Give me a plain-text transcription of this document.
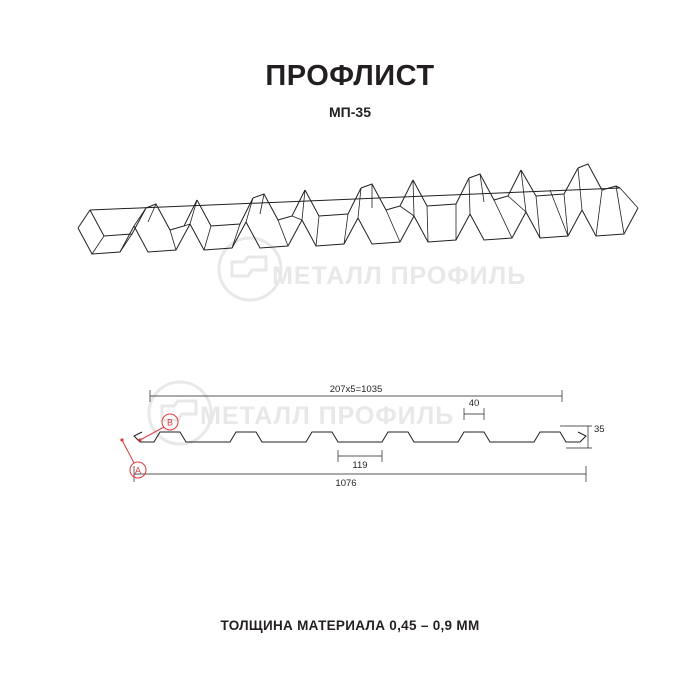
ПРОФЛИСТ
МП-35
МЕТАЛЛ ПРОФИЛЬ
МЕТАЛЛ ПРОФИЛЬ
1076
207х5=1035
119
40
35
A
B
ТОЛЩИНА МАТЕРИАЛА 0,45 – 0,9 ММ
